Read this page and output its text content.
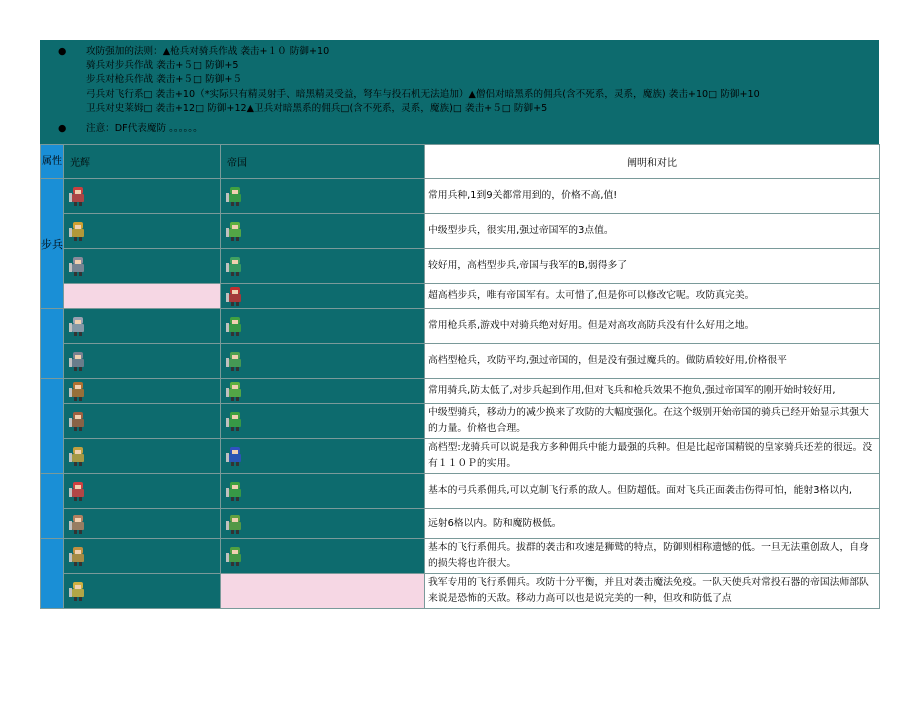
● 攻防强加的法则：▲枪兵对骑兵作战 袭击+１０ 防御+10
骑兵对步兵作战 袭击+５□ 防御+5
步兵对枪兵作战 袭击+５□ 防御+５
弓兵对飞行系□ 袭击+10（*实际只有精灵射手、暗黑精灵受益，弩车与投石机无法追加）▲僧侣对暗黑系的佣兵(含不死系，灵系，魔族) 袭击+10□ 防御+10
卫兵对史莱姆□ 袭击+12□ 防御+12▲卫兵对暗黑系的佣兵□(含不死系，灵系，魔族)□ 袭击+５□ 防御+5
● 注意：DF代表魔防 。。。。。。
属性	光辉	帝国	阐明和对比
步兵			常用兵种,1到9关都常用到的，价格不高,值!

	中级型步兵，很实用,强过帝国军的3点值。

	较好用，高档型步兵,帝国与我军的B,弱得多了

	超高档步兵，唯有帝国军有。太可惜了,但是你可以修改它呢。攻防真完美。

	常用枪兵系,游戏中对骑兵绝对好用。但是对高攻高防兵没有什么好用之地。

	高档型枪兵，攻防平均,强过帝国的，但是没有强过魔兵的。做防盾较好用,价格很平

	常用骑兵,防太低了,对步兵起到作用,但对飞兵和枪兵效果不抱负,强过帝国军的刚开始时较好用,

	中级型骑兵，移动力的减少换来了攻防的大幅度强化。在这个级别开始帝国的骑兵已经开始显示其强大的力量。价格也合理。

	高档型:龙骑兵可以说是我方多种佣兵中能力最强的兵种。但是比起帝国精锐的皇家骑兵还差的很远。没有１１０Ｐ的实用。

	基本的弓兵系佣兵,可以克制飞行系的敌人。但防超低。面对飞兵正面袭击伤得可怕，能射3格以内,

	远射6格以内。防和魔防极低。

	基本的飞行系佣兵。拔群的袭击和攻速是狮鹫的特点，防御则相称遗憾的低。一旦无法重创敌人，自身的损失将也许很大。

	我军专用的飞行系佣兵。攻防十分平衡，并且对袭击魔法免疫。一队天使兵对常投石器的帝国法师部队来说是恐怖的天敌。移动力高可以也是说完美的一种，但攻和防低了点
